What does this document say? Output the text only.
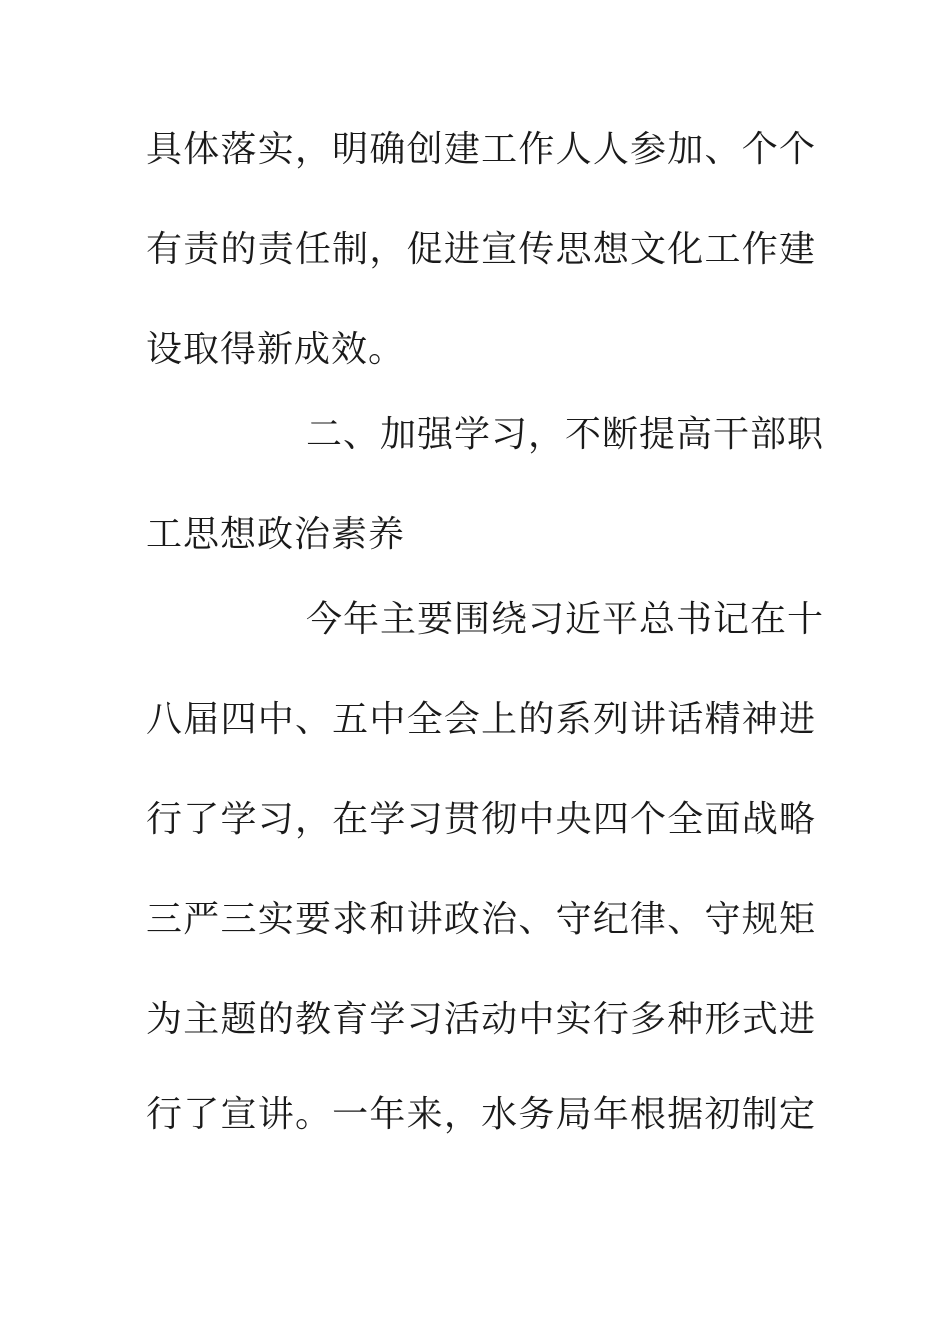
具体落实，明确创建工作人人参加、个个
有责的责任制，促进宣传思想文化工作建
设取得新成效。
二、加强学习，不断提高干部职
工思想政治素养
今年主要围绕习近平总书记在十
八届四中、五中全会上的系列讲话精神进
行了学习，在学习贯彻中央四个全面战略
三严三实要求和讲政治、守纪律、守规矩
为主题的教育学习活动中实行多种形式进
行了宣讲。一年来，水务局年根据初制定
